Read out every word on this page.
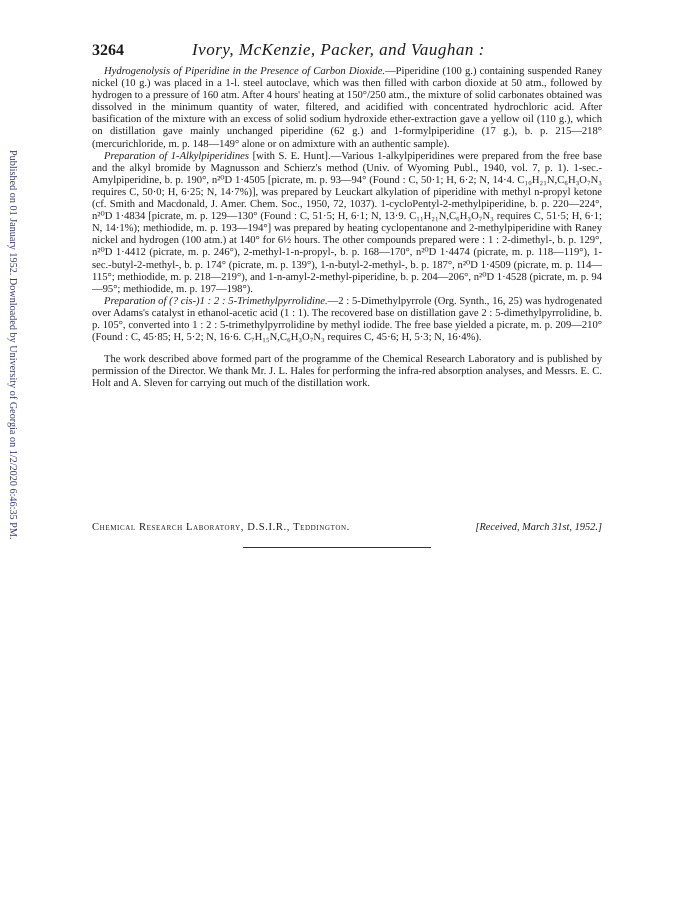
Published on 01 January 1952. Downloaded by University of Georgia on 1/2/2020 6:46:35 PM.
3264	Ivory, McKenzie, Packer, and Vaughan :

Hydrogenolysis of Piperidine in the Presence of Carbon Dioxide.—Piperidine (100 g.) containing suspended Raney nickel (10 g.) was placed in a 1-l. steel autoclave, which was then filled with carbon dioxide at 50 atm., followed by hydrogen to a pressure of 160 atm. After 4 hours' heating at 150°/250 atm., the mixture of solid carbonates obtained was dissolved in the minimum quantity of water, filtered, and acidified with concentrated hydrochloric acid. After basification of the mixture with an excess of solid sodium hydroxide ether-extraction gave a yellow oil (110 g.), which on distillation gave mainly unchanged piperidine (62 g.) and 1-formylpiperidine (17 g.), b. p. 215—218° (mercurichloride, m. p. 148—149° alone or on admixture with an authentic sample).

Preparation of 1-Alkylpiperidines [with S. E. Hunt].—Various 1-alkylpiperidines were prepared from the free base and the alkyl bromide by Magnusson and Schierz's method (Univ. of Wyoming Publ., 1940, vol. 7, p. 1). 1-sec.-Amylpiperidine, b. p. 190°, n²⁰D 1·4505 [picrate, m. p. 93—94° (Found : C, 50·1; H, 6·2; N, 14·4. C₁₀H₂₁N,C₆H₃O₇N₃ requires C, 50·0; H, 6·25; N, 14·7%)], was prepared by Leuckart alkylation of piperidine with methyl n-propyl ketone (cf. Smith and Macdonald, J. Amer. Chem. Soc., 1950, 72, 1037). 1-cycloPentyl-2-methylpiperidine, b. p. 220—224°, n²⁰D 1·4834 [picrate, m. p. 129—130° (Found : C, 51·5; H, 6·1; N, 13·9. C₁₁H₂₁N,C₆H₃O₇N₃ requires C, 51·5; H, 6·1; N, 14·1%); methiodide, m. p. 193—194°] was prepared by heating cyclopentanone and 2-methylpiperidine with Raney nickel and hydrogen (100 atm.) at 140° for 6½ hours. The other compounds prepared were : 1 : 2-dimethyl-, b. p. 129°, n²⁰D 1·4412 (picrate, m. p. 246°), 2-methyl-1-n-propyl-, b. p. 168—170°, n²⁰D 1·4474 (picrate, m. p. 118—119°), 1-sec.-butyl-2-methyl-, b. p. 174° (picrate, m. p. 139°), 1-n-butyl-2-methyl-, b. p. 187°, n²⁰D 1·4509 (picrate, m. p. 114—115°; methiodide, m. p. 218—219°), and 1-n-amyl-2-methyl-piperidine, b. p. 204—206°, n²⁰D 1·4528 (picrate, m. p. 94—95°; methiodide, m. p. 197—198°).

Preparation of (? cis-)1 : 2 : 5-Trimethylpyrrolidine.—2 : 5-Dimethylpyrrole (Org. Synth., 16, 25) was hydrogenated over Adams's catalyst in ethanol-acetic acid (1 : 1). The recovered base on distillation gave 2 : 5-dimethylpyrrolidine, b. p. 105°, converted into 1 : 2 : 5-trimethylpyrrolidine by methyl iodide. The free base yielded a picrate, m. p. 209—210° (Found : C, 45·85; H, 5·2; N, 16·6. C₇H₁₅N,C₆H₃O₇N₃ requires C, 45·6; H, 5·3; N, 16·4%).

The work described above formed part of the programme of the Chemical Research Laboratory and is published by permission of the Director. We thank Mr. J. L. Hales for performing the infra-red absorption analyses, and Messrs. E. C. Holt and A. Sleven for carrying out much of the distillation work.

Chemical Research Laboratory, D.S.I.R., Teddington.	[Received, March 31st, 1952.]
